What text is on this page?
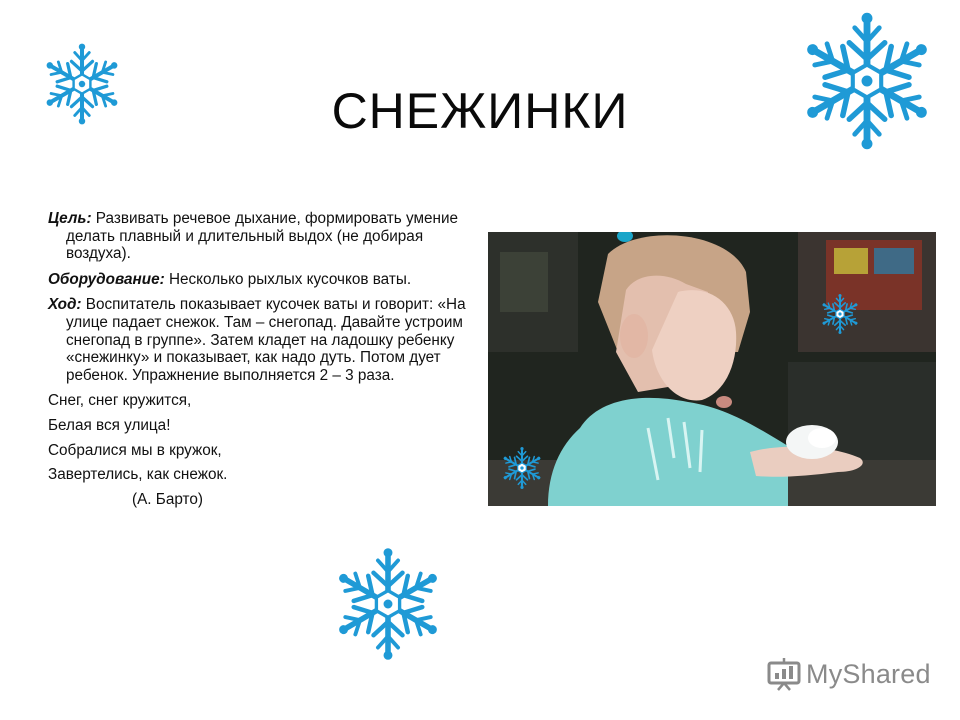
СНЕЖИНКИ

Цель: Развивать речевое дыхание, формировать умение делать плавный и длительный выдох (не добирая воздуха).

Оборудование: Несколько рыхлых кусочков ваты.

Ход: Воспитатель показывает кусочек ваты и говорит: «На улице падает снежок. Там – снегопад. Давайте устроим снегопад в группе». Затем кладет на ладошку ребенку «снежинку» и показывает, как надо дуть. Потом дует ребенок. Упражнение выполняется 2 – 3 раза.

Снег, снег кружится,

Белая вся улица!

Собралися мы в кружок,

Завертелись, как снежок.

(А. Барто)

MyShared
